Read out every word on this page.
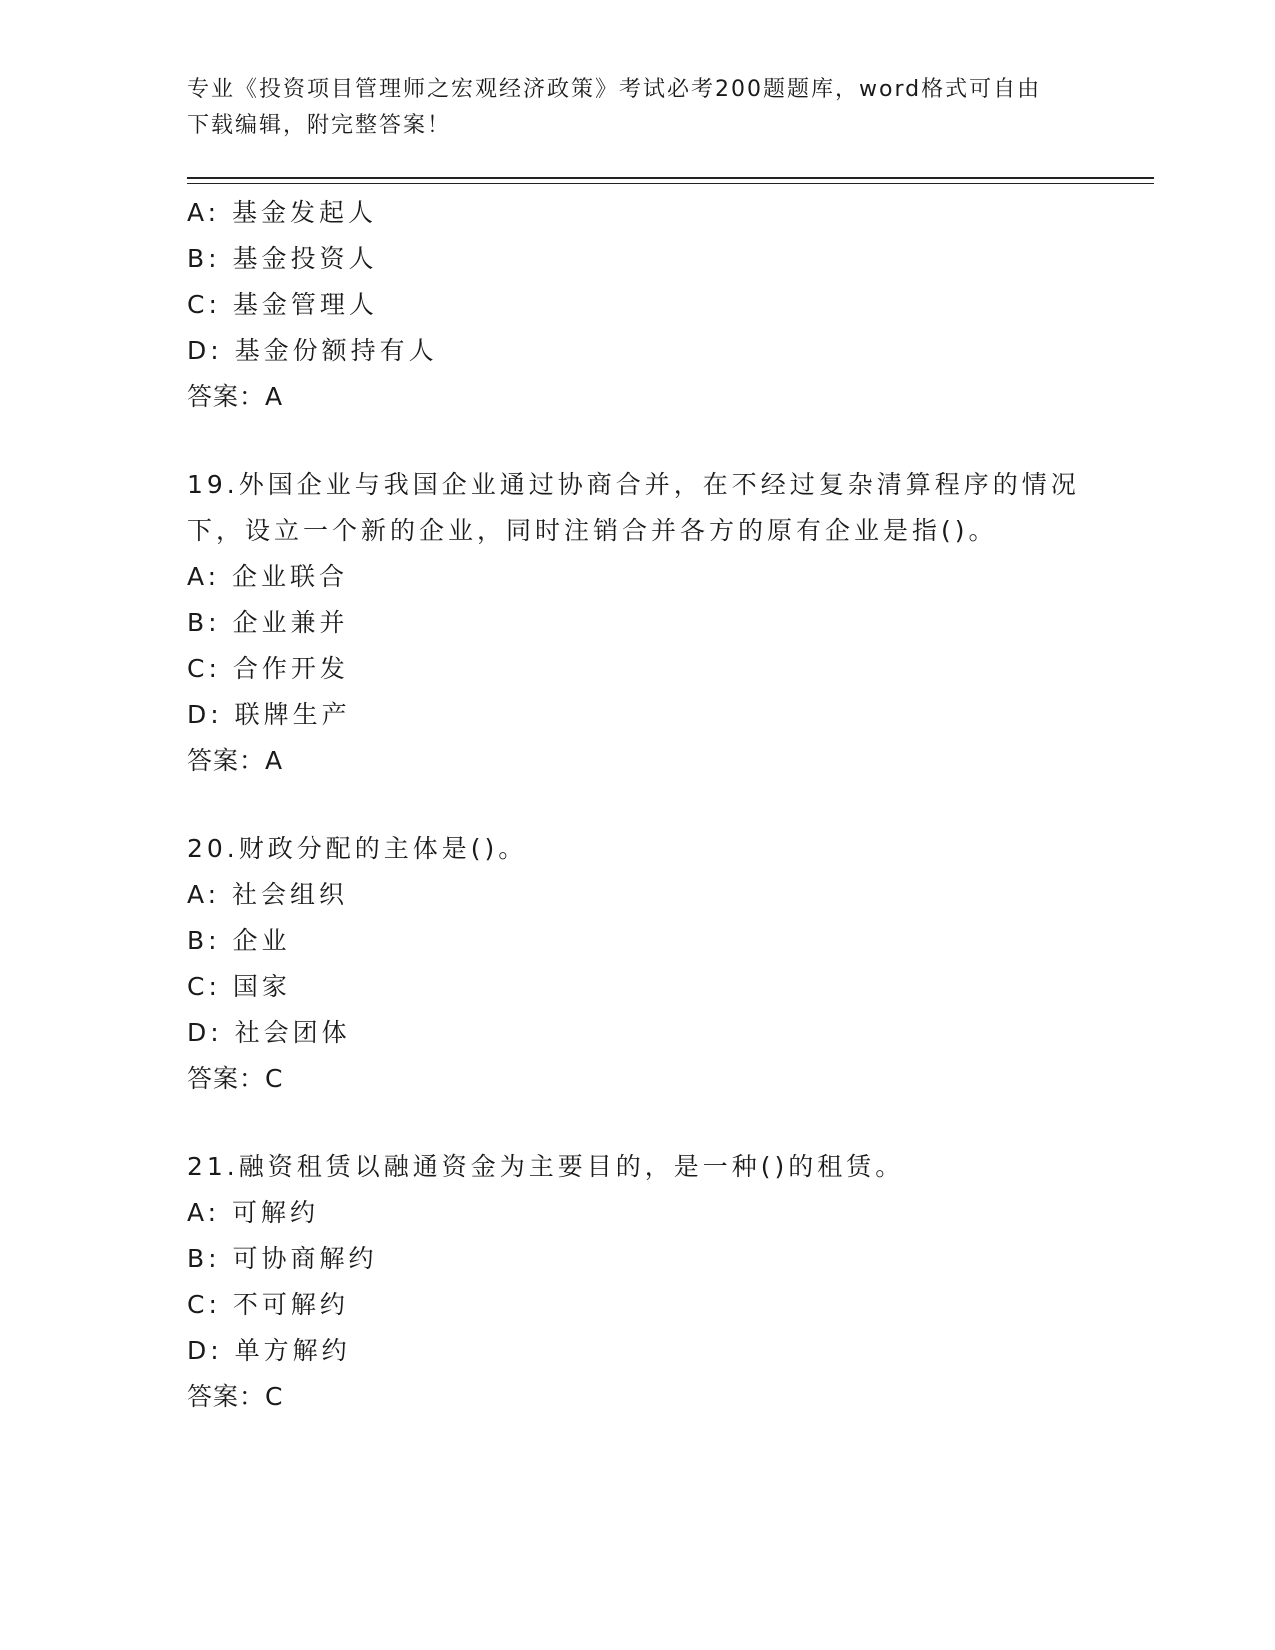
专业《投资项目管理师之宏观经济政策》考试必考200题题库，word格式可自由
下载编辑，附完整答案！
A: 基金发起人
B: 基金投资人
C: 基金管理人
D: 基金份额持有人
答案：A
19.外国企业与我国企业通过协商合并，在不经过复杂清算程序的情况
下，设立一个新的企业，同时注销合并各方的原有企业是指()。
A: 企业联合
B: 企业兼并
C: 合作开发
D: 联牌生产
答案：A
20.财政分配的主体是()。
A: 社会组织
B: 企业
C: 国家
D: 社会团体
答案：C
21.融资租赁以融通资金为主要目的，是一种()的租赁。
A: 可解约
B: 可协商解约
C: 不可解约
D: 单方解约
答案：C
